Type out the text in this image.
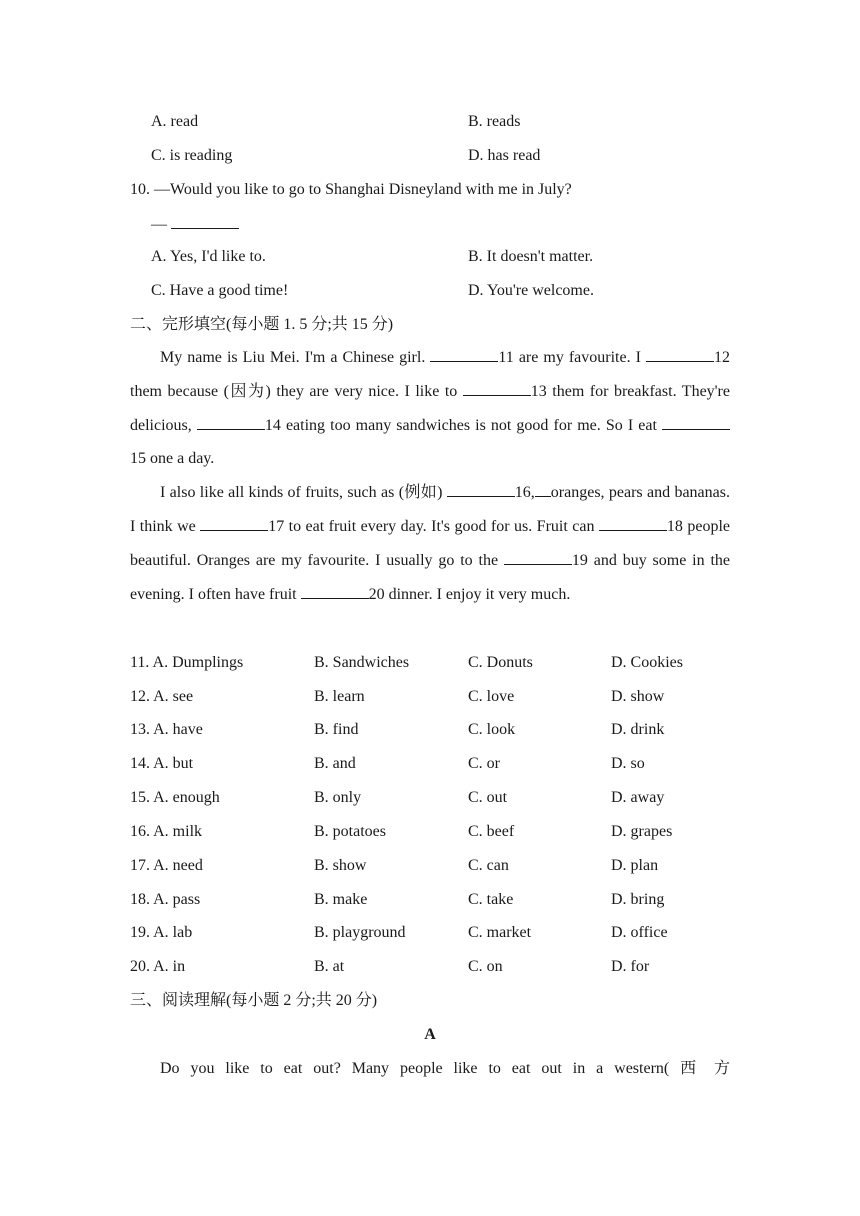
A. read	B. reads
C. is reading	D. has read
10. —Would you like to go to Shanghai Disneyland with me in July?
—
A. Yes, I'd like to.	B. It doesn't matter.
C. Have a good time!	D. You're welcome.
二、完形填空(每小题 1. 5 分;共 15 分)

My name is Liu Mei. I'm a Chinese girl.	11 are my favourite. I	12 them because (因为) they are very nice. I like to	13 them for breakfast. They're delicious,	14 eating too many sandwiches is not good for me. So I eat 15 one a day.

I also like all kinds of fruits, such as (例如)	16, oranges, pears and bananas. I think we	17 to eat fruit every day. It's good for us. Fruit can	18 people beautiful. Oranges are my favourite. I usually go to the	19 and buy some in the evening. I often have fruit	20 dinner. I enjoy it very much.

11. A. Dumplings	B. Sandwiches	C. Donuts	D. Cookies
12. A. see	B. learn	C. love	D. show
13. A. have	B. find	C. look	D. drink
14. A. but	B. and	C. or	D. so
15. A. enough	B. only	C. out	D. away
16. A. milk	B. potatoes	C. beef	D. grapes
17. A. need	B. show	C. can	D. plan
18. A. pass	B. make	C. take	D. bring
19. A. lab	B. playground	C. market	D. office
20. A. in	B. at	C. on	D. for
三、阅读理解(每小题 2 分;共 20 分)
A

Do you like to eat out? Many people like to eat out in a western( 西 方
